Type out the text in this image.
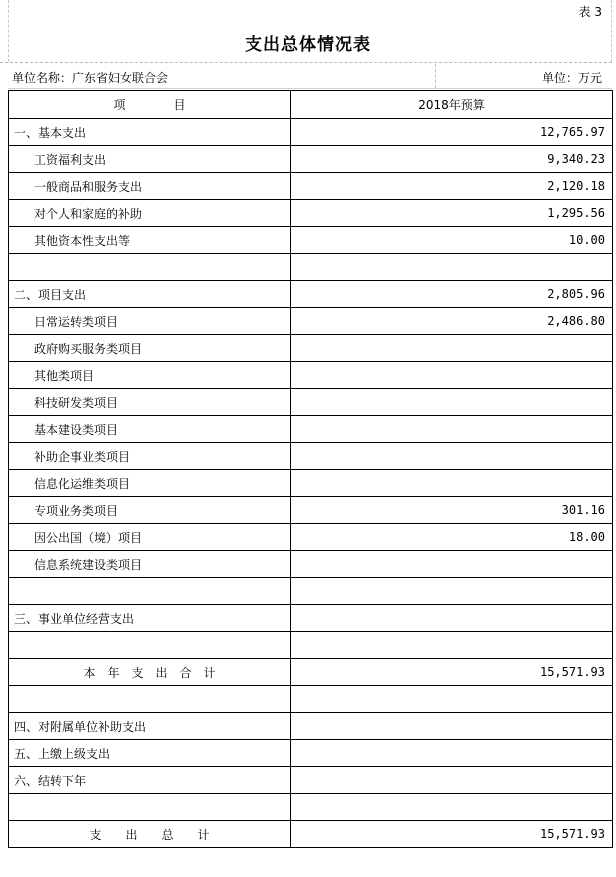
表 3
支出总体情况表
单位名称：广东省妇女联合会	单位：万元
项　　　　目	2018年预算
一、基本支出	12,765.97
工资福利支出	9,340.23
一般商品和服务支出	2,120.18
对个人和家庭的补助	1,295.56
其他资本性支出等	10.00

二、项目支出	2,805.96
日常运转类项目	2,486.80
政府购买服务类项目	
其他类项目	
科技研发类项目	
基本建设类项目	
补助企事业类项目	
信息化运维类项目	
专项业务类项目	301.16
因公出国（境）项目	18.00
信息系统建设类项目	

三、事业单位经营支出	

本　年　支　出　合　计	15,571.93

四、对附属单位补助支出	
五、上缴上级支出	
六、结转下年	

支　　出　　总　　计	15,571.93
